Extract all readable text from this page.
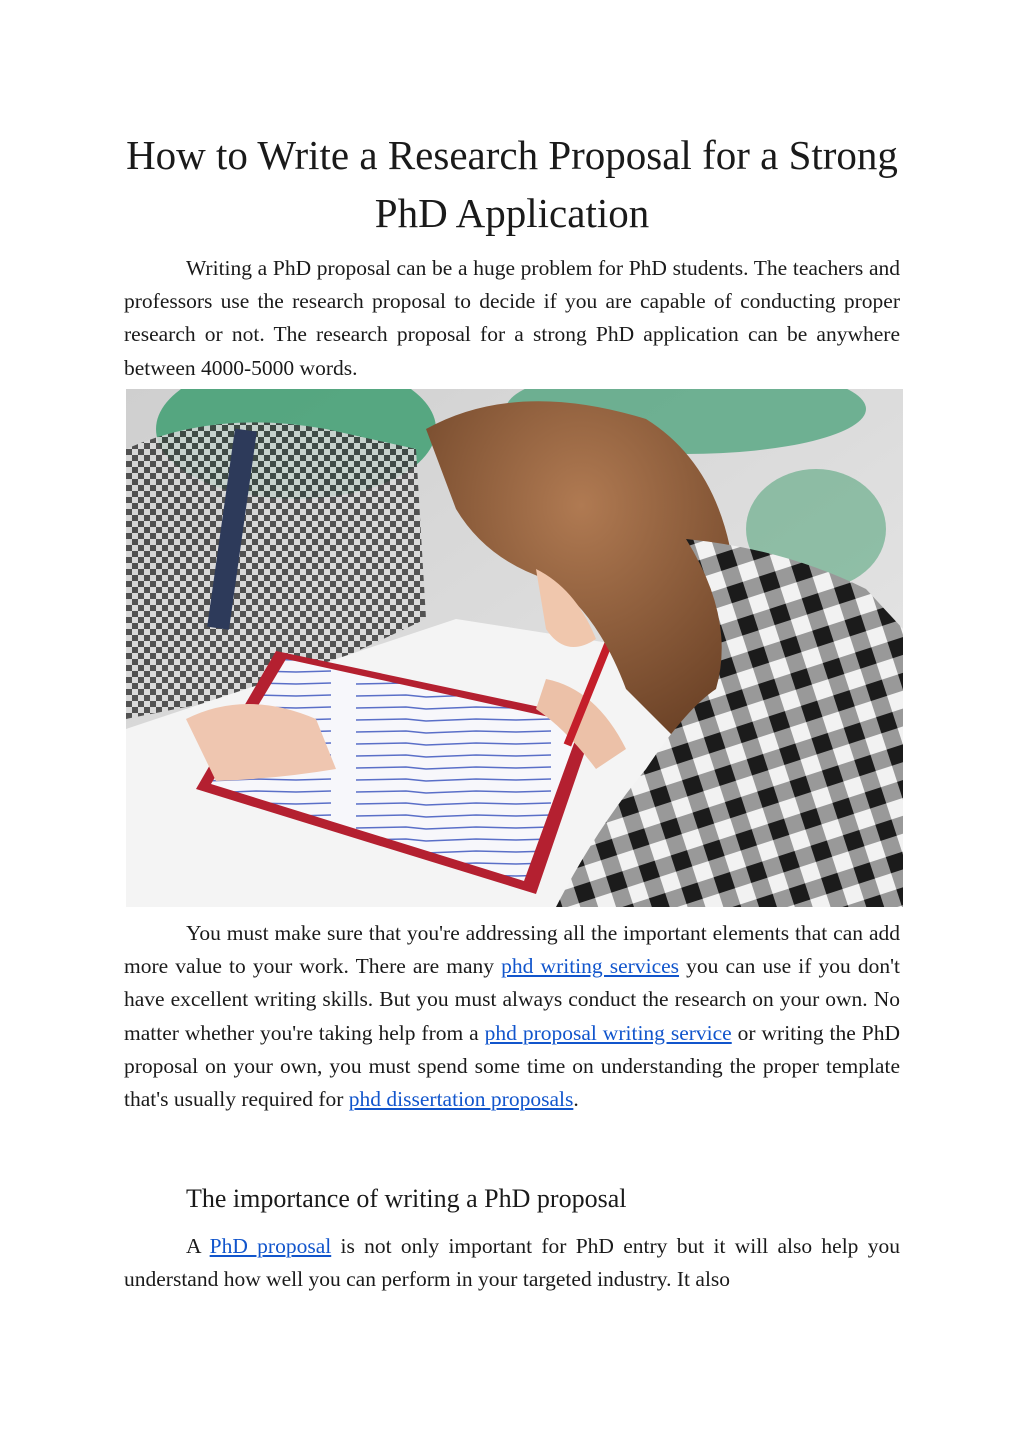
How to Write a Research Proposal for a Strong PhD Application

Writing a PhD proposal can be a huge problem for PhD students. The teachers and professors use the research proposal to decide if you are capable of conducting proper research or not. The research proposal for a strong PhD application can be anywhere between 4000-5000 words.

You must make sure that you're addressing all the important elements that can add more value to your work. There are many phd writing services you can use if you don't have excellent writing skills. But you must always conduct the research on your own. No matter whether you're taking help from a phd proposal writing service or writing the PhD proposal on your own, you must spend some time on understanding the proper template that's usually required for phd dissertation proposals.

The importance of writing a PhD proposal

A PhD proposal is not only important for PhD entry but it will also help you understand how well you can perform in your targeted industry. It also
